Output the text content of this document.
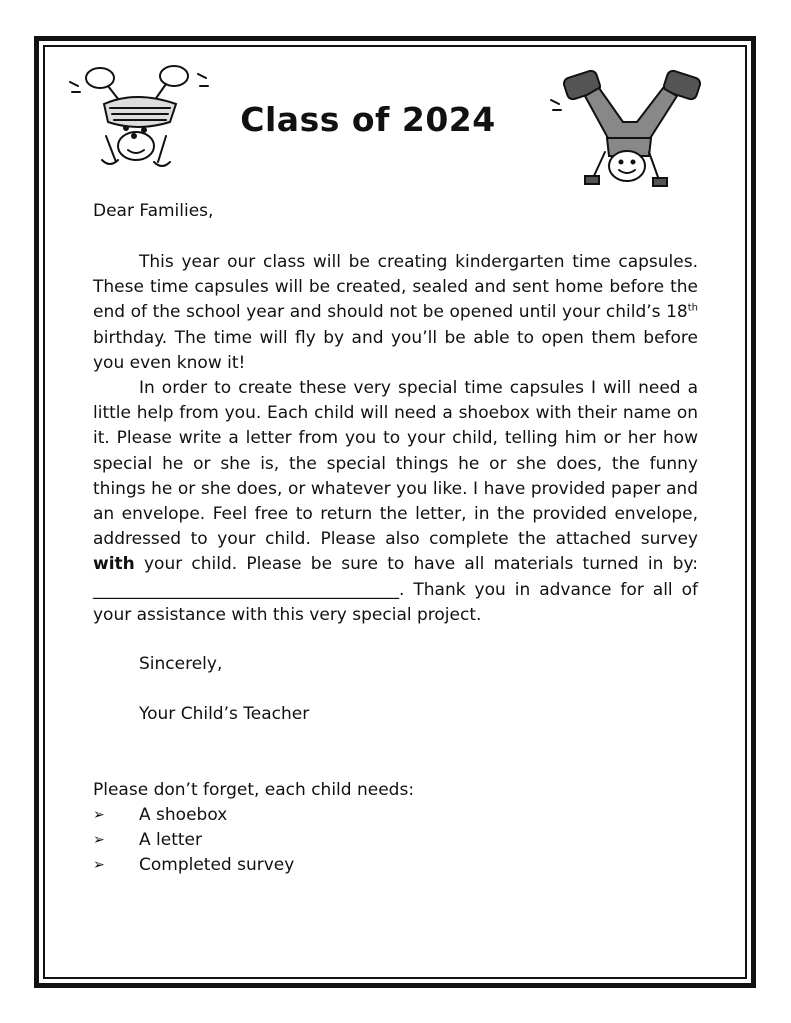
Class of 2024
Dear Families,

This year our class will be creating kindergarten time capsules. These time capsules will be created, sealed and sent home before the end of the school year and should not be opened until your child’s 18th birthday. The time will fly by and you’ll be able to open them before you even know it!

In order to create these very special time capsules I will need a little help from you. Each child will need a shoebox with their name on it. Please write a letter from you to your child, telling him or her how special he or she is, the special things he or she does, the funny things he or she does, or whatever you like. I have provided paper and an envelope. Feel free to return the letter, in the provided envelope, addressed to your child. Please also complete the attached survey with your child. Please be sure to have all materials turned in by: ____________________________________. Thank you in advance for all of your assistance with this very special project.

Sincerely,
Your Child’s Teacher
Please don’t forget, each child needs:
➢ A shoebox
➢ A letter
➢ Completed survey
